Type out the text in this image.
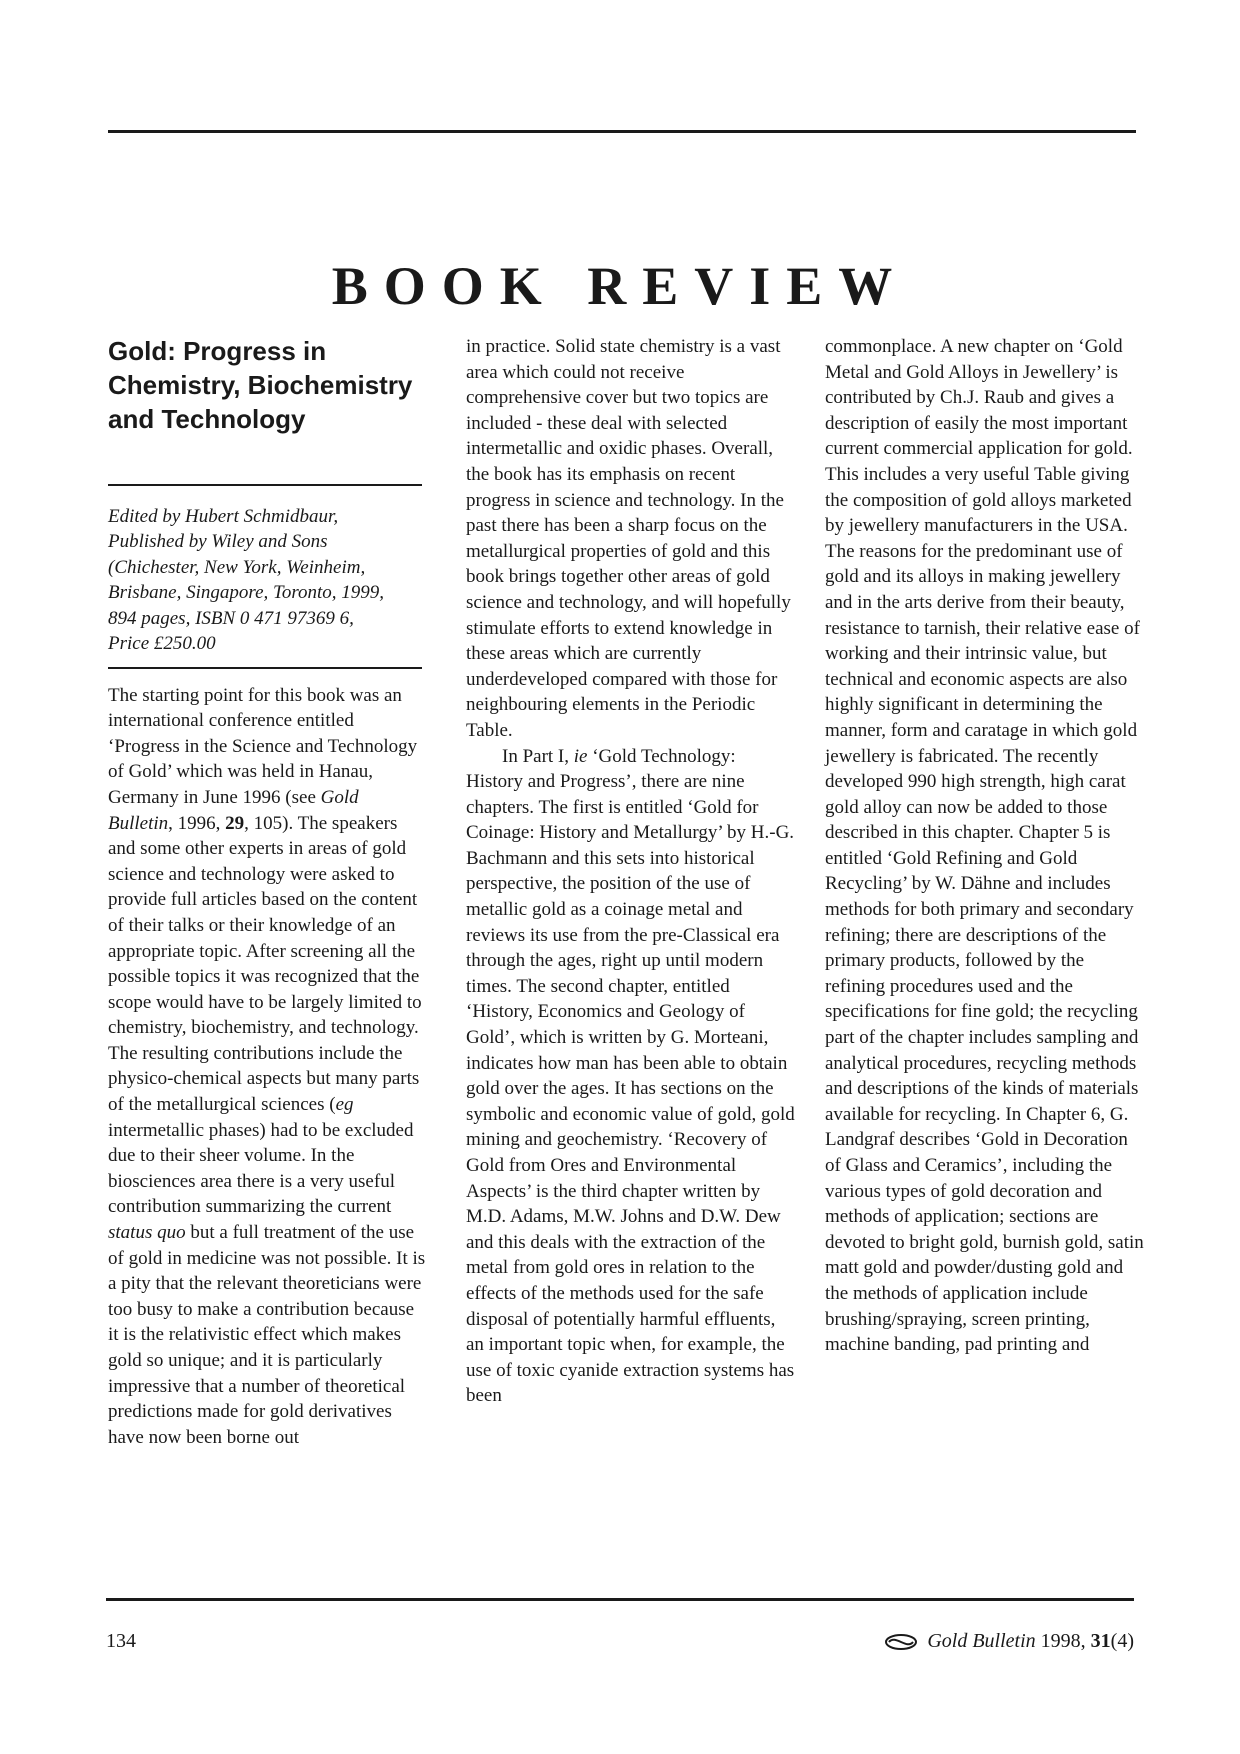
BOOK REVIEW
Gold: Progress in Chemistry, Biochemistry and Technology

Edited by Hubert Schmidbaur,

Published by Wiley and Sons

(Chichester, New York, Weinheim,

Brisbane, Singapore, Toronto, 1999,

894 pages, ISBN 0 471 97369 6,

Price £250.00

The starting point for this book was an international conference entitled ‘Progress in the Science and Technology of Gold’ which was held in Hanau, Germany in June 1996 (see Gold Bulletin, 1996, 29, 105). The speakers and some other experts in areas of gold science and technology were asked to provide full articles based on the content of their talks or their knowledge of an appropriate topic. After screening all the possible topics it was recognized that the scope would have to be largely limited to chemistry, biochemistry, and technology. The resulting contributions include the physico-chemical aspects but many parts of the metallurgical sciences (eg intermetallic phases) had to be excluded due to their sheer volume. In the biosciences area there is a very useful contribution summarizing the current status quo but a full treatment of the use of gold in medicine was not possible. It is a pity that the relevant theoreticians were too busy to make a contribution because it is the relativistic effect which makes gold so unique; and it is particularly impressive that a number of theoretical predictions made for gold derivatives have now been borne out

in practice. Solid state chemistry is a vast area which could not receive comprehensive cover but two topics are included - these deal with selected intermetallic and oxidic phases. Overall, the book has its emphasis on recent progress in science and technology. In the past there has been a sharp focus on the metallurgical properties of gold and this book brings together other areas of gold science and technology, and will hopefully stimulate efforts to extend knowledge in these areas which are currently underdeveloped compared with those for neighbouring elements in the Periodic Table.

In Part I, ie ‘Gold Technology: History and Progress’, there are nine chapters. The first is entitled ‘Gold for Coinage: History and Metallurgy’ by H.-G. Bachmann and this sets into historical perspective, the position of the use of metallic gold as a coinage metal and reviews its use from the pre-Classical era through the ages, right up until modern times. The second chapter, entitled ‘History, Economics and Geology of Gold’, which is written by G. Morteani, indicates how man has been able to obtain gold over the ages. It has sections on the symbolic and economic value of gold, gold mining and geochemistry. ‘Recovery of Gold from Ores and Environmental Aspects’ is the third chapter written by M.D. Adams, M.W. Johns and D.W. Dew and this deals with the extraction of the metal from gold ores in relation to the effects of the methods used for the safe disposal of potentially harmful effluents, an important topic when, for example, the use of toxic cyanide extraction systems has been

commonplace. A new chapter on ‘Gold Metal and Gold Alloys in Jewellery’ is contributed by Ch.J. Raub and gives a description of easily the most important current commercial application for gold. This includes a very useful Table giving the composition of gold alloys marketed by jewellery manufacturers in the USA. The reasons for the predominant use of gold and its alloys in making jewellery and in the arts derive from their beauty, resistance to tarnish, their relative ease of working and their intrinsic value, but technical and economic aspects are also highly significant in determining the manner, form and caratage in which gold jewellery is fabricated. The recently developed 990 high strength, high carat gold alloy can now be added to those described in this chapter. Chapter 5 is entitled ‘Gold Refining and Gold Recycling’ by W. Dähne and includes methods for both primary and secondary refining; there are descriptions of the primary products, followed by the refining procedures used and the specifications for fine gold; the recycling part of the chapter includes sampling and analytical procedures, recycling methods and descriptions of the kinds of materials available for recycling. In Chapter 6, G. Landgraf describes ‘Gold in Decoration of Glass and Ceramics’, including the various types of gold decoration and methods of application; sections are devoted to bright gold, burnish gold, satin matt gold and powder/dusting gold and the methods of application include brushing/spraying, screen printing, machine banding, pad printing and

134	Gold Bulletin 1998, 31(4)
